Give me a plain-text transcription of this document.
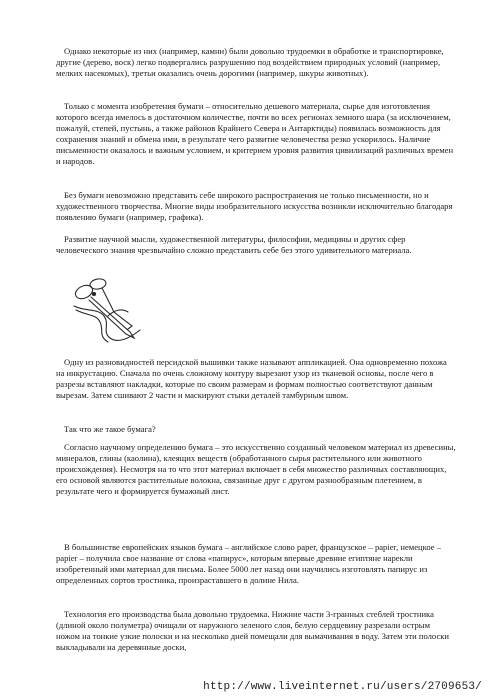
Однако некоторые из них (например, камни) были довольно трудоемки в обработке и транспортировке, другие (дерево, воск) легко подвергались разрушению под воздействием природных условий (например, мелких насекомых), третьи оказались очень дорогими (например, шкуры животных).

Только с момента изобретения бумаги – относительно дешевого материала, сырье для изготовления которого всегда имелось в достаточном количестве, почти во всех регионах земного шара (за исключением, пожалуй, степей, пустынь, а также районов Крайнего Севера и Антарктиды) появилась возможность для сохранения знаний и обмена ими, в результате чего развитие человечества резко ускорилось. Наличие письменности оказалось и важным условием, и критерием уровня развития цивилизаций различных времен и народов.

Без бумаги невозможно представить себе широкого распространения не только письменности, но и художественного творчества. Многие виды изобразительного искусства возникли исключительно благодаря появлению бумаги (например, графика).

Развитие научной мысли, художественной литературы, философии, медицины и других сфер человеческого знания чрезвычайно сложно представить себе без этого удивительного материала.

Одну из разновидностей персидской вышивки также называют аппликацией. Она одновременно похожа на инкрустацию. Сначала по очень сложному контуру вырезают узор из тканевой основы, после чего в разрезы вставляют накладки, которые по своим размерам и формам полностью соответствуют данным вырезам. Затем сшивают 2 части и маскируют стыки деталей тамбурным швом.

Так что же такое бумага?

Согласно научному определению бумага – это искусственно созданный человеком материал из древесины, минералов, глины (каолина), клеящих веществ (обработанного сырья растительного или животного происхождения). Несмотря на то что этот материал включает в себя множество различных составляющих, его основой являются растительные волокна, связанные друг с другом разнообразным плетением, в результате чего и формируется бумажный лист.

В большинстве европейских языков бумага – английское слово paper, французское – papier, немецкое – papier – получила свое название от слова «папирус», которым впервые древние египтяне нарекли изобретенный ими материал для письма. Более 5000 лет назад они научились изготовлять папирус из определенных сортов тростника, произраставшего в долине Нила.

Технология его производства была довольно трудоемка. Нижние части 3-гранных стеблей тростника (длиной около полуметра) очищали от наружного зеленого слоя, белую сердцевину разрезали острым ножом на тонкие узкие полоски и на несколько дней помещали для вымачивания в воду. Затем эти полоски выкладывали на деревянные доски,

http://www.liveinternet.ru/users/2709653/
